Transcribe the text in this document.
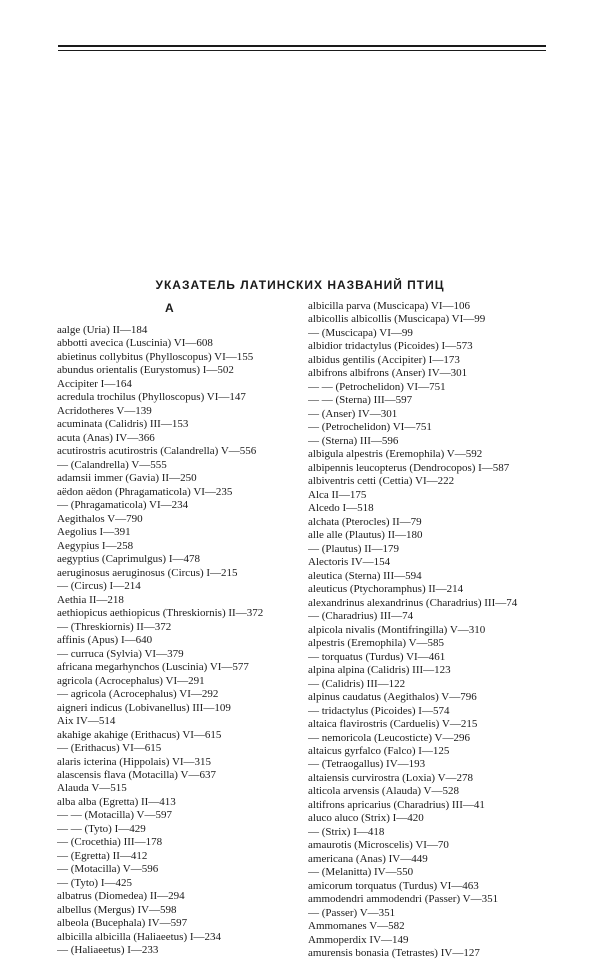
УКАЗАТЕЛЬ ЛАТИНСКИХ НАЗВАНИЙ ПТИЦ
А
aalge (Uria) II—184
abbotti avecica (Luscinia) VI—608
abietinus collybitus (Phylloscopus) VI—155
abundus orientalis (Eurystomus) I—502
Accipiter I—164
acredula trochilus (Phylloscopus) VI—147
Acridotheres V—139
acuminata (Calidris) III—153
acuta (Anas) IV—366
acutirostris acutirostris (Calandrella) V—556
— (Calandrella) V—555
adamsii immer (Gavia) II—250
aëdon aëdon (Phragamaticola) VI—235
— (Phragamaticola) VI—234
Aegithalos V—790
Aegolius I—391
Aegypius I—258
aegyptius (Caprimulgus) I—478
aeruginosus aeruginosus (Circus) I—215
— (Circus) I—214
Aethia II—218
aethiopicus aethiopicus (Threskiornis) II—372
— (Threskiornis) II—372
affinis (Apus) I—640
— curruca (Sylvia) VI—379
africana megarhynchos (Luscinia) VI—577
agricola (Acrocephalus) VI—291
— agricola (Acrocephalus) VI—292
aigneri indicus (Lobivanellus) III—109
Aix IV—514
akahige akahige (Erithacus) VI—615
— (Erithacus) VI—615
alaris icterina (Hippolais) VI—315
alascensis flava (Motacilla) V—637
Alauda V—515
alba alba (Egretta) II—413
— — (Motacilla) V—597
— — (Tyto) I—429
— (Crocethia) III—178
— (Egretta) II—412
— (Motacilla) V—596
— (Tyto) I—425
albatrus (Diomedea) II—294
albellus (Mergus) IV—598
albeola (Bucephala) IV—597
albicilla albicilla (Haliaeetus) I—234
— (Haliaeetus) I—233
albicilla parva (Muscicapa) VI—106
albicollis albicollis (Muscicapa) VI—99
— (Muscicapa) VI—99
albidior tridactylus (Picoides) I—573
albidus gentilis (Accipiter) I—173
albifrons albifrons (Anser) IV—301
— — (Petrochelidon) VI—751
— — (Sterna) III—597
— (Anser) IV—301
— (Petrochelidon) VI—751
— (Sterna) III—596
albigula alpestris (Eremophila) V—592
albipennis leucopterus (Dendrocopos) I—587
albiventris cetti (Cettia) VI—222
Alca II—175
Alcedo I—518
alchata (Pterocles) II—79
alle alle (Plautus) II—180
— (Plautus) II—179
Alectoris IV—154
aleutica (Sterna) III—594
aleuticus (Ptychoramphus) II—214
alexandrinus alexandrinus (Charadrius) III—74
— (Charadrius) III—74
alpicola nivalis (Montifringilla) V—310
alpestris (Eremophila) V—585
— torquatus (Turdus) VI—461
alpina alpina (Calidris) III—123
— (Calidris) III—122
alpinus caudatus (Aegithalos) V—796
— tridactylus (Picoides) I—574
altaica flavirostris (Carduelis) V—215
— nemoricola (Leucosticte) V—296
altaicus gyrfalco (Falco) I—125
— (Tetraogallus) IV—193
altaiensis curvirostra (Loxia) V—278
alticola arvensis (Alauda) V—528
altifrons apricarius (Charadrius) III—41
aluco aluco (Strix) I—420
— (Strix) I—418
amaurotis (Microscelis) VI—70
americana (Anas) IV—449
— (Melanitta) IV—550
amicorum torquatus (Turdus) VI—463
ammodendri ammodendri (Passer) V—351
— (Passer) V—351
Ammomanes V—582
Ammoperdix IV—149
amurensis bonasia (Tetrastes) IV—127
